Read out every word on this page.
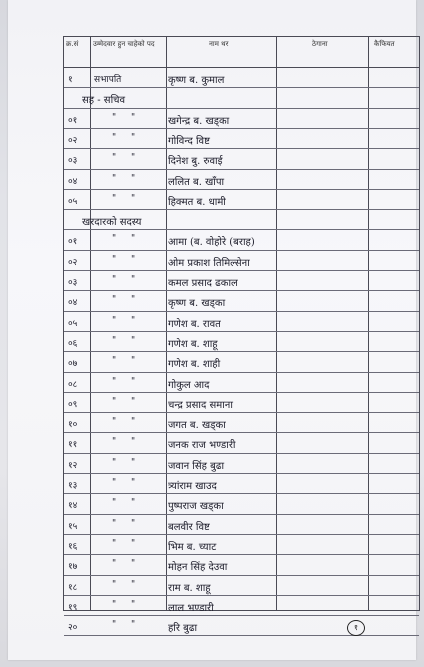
क्र.सं उम्मेदवार हुन चाहेको पद	नाम थर	ठेगाना	कैफियत
१ सभापति	कृष्ण ब. कुमाल
सह - सचिव
०१	" "	खगेन्द्र ब. खड्का
०२	" "	गोविन्द विष्ट
०३	" "	दिनेश बु. रुवाई
०४	" "	ललित ब. खाँपा
०५	" "	हिक्मत ब. धामी
खरदारको सदस्य
०१	" "	आमा (ब. वोहोरे (बराह)
०२	" "	ओम प्रकाश तिमिल्सेना
०३	" "	कमल प्रसाद ढकाल
०४	" "	कृष्ण ब. खड्का
०५	" "	गणेश ब. रावत
०६	" "	गणेश ब. शाहू
०७	" "	गणेश ब. शाही
०८	" "	गोकुल आद
०९	" "	चन्द्र प्रसाद समाना
१०	" "	जगत ब. खड्का
११	" "	जनक राज भण्डारी
१२	" "	जवान सिंह बुढा
१३	" "	त्र्यांराम खाउद
१४	" "	पुष्पराज खड्का
१५	" "	बलवीर विष्ट
१६	" "	भिम ब. च्याट
१७	" "	मोहन सिंह देउवा
१८	" "	राम ब. शाहू
१९	" "	लाल भण्डारी
२०	" "	हरि बुढा	१
